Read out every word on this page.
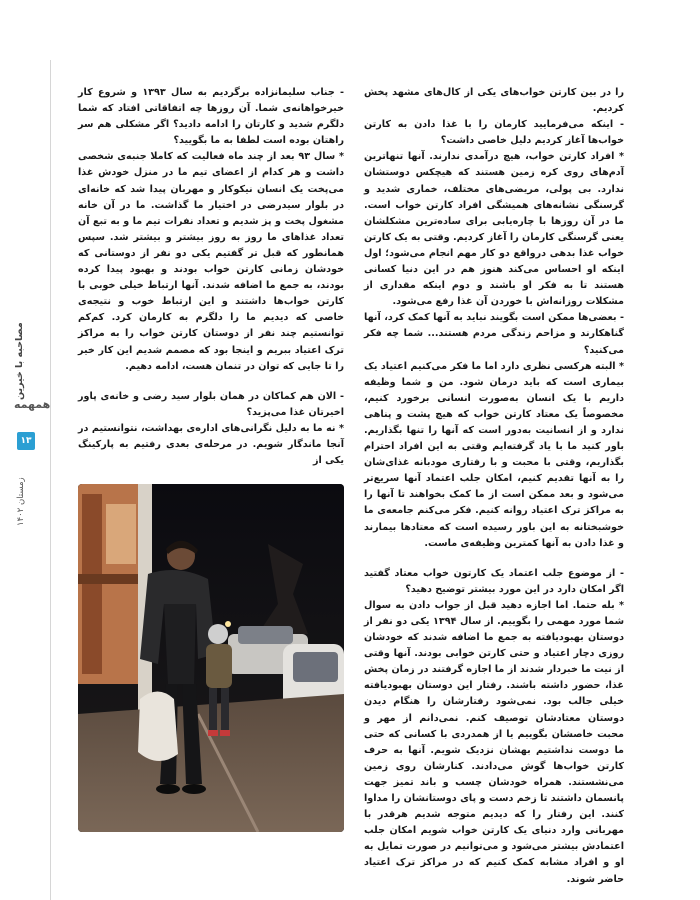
مصاحبه با خیرین
همهمه
۱۳
زمستان ۱۴۰۲

را در بین کارتن خواب‌های یکی از کال‌های مشهد پخش کردیم.

- اینکه می‌فرمایید کارمان را با غذا دادن به کارتن خواب‌ها آغاز کردیم دلیل خاصی داشت؟

* افراد کارتن خواب، هیچ درآمدی ندارند. آنها تنهاترین آدم‌های روی کره زمین هستند که هیچکس دوستشان ندارد. بی پولی، مریضی‌های مختلف، خماری شدید و گرسنگی نشانه‌های همیشگی افراد کارتن خواب است. ما در آن روزها با چاره‌یابی برای ساده‌ترین مشکلشان یعنی گرسنگی کارمان را آغاز کردیم. وقتی به یک کارتن خواب غذا بدهی درواقع دو کار مهم انجام می‌شود؛ اول اینکه او احساس می‌کند هنوز هم در این دنیا کسانی هستند تا به فکر او باشند و دوم اینکه مقداری از مشکلات روزانه‌اش با خوردن آن غذا رفع می‌شود.

- بعضی‌ها ممکن است بگویند نباید به آنها کمک کرد، آنها گناهکارند و مزاحم زندگی مردم هستند... شما چه فکر می‌کنید؟

* البته هرکسی نظری دارد اما ما فکر می‌کنیم اعتیاد یک بیماری است که باید درمان شود. من و شما وظیفه داریم با یک انسان به‌صورت انسانی برخورد کنیم، مخصوصاً یک معتاد کارتن خواب که هیچ پشت و پناهی ندارد و از انسانیت به‌دور است که آنها را تنها بگذاریم. باور کنید ما با یاد گرفته‌ایم وقتی به این افراد احترام بگذاریم، وقتی با محبت و با رفتاری مودبانه غذای‌شان را به آنها تقدیم کنیم، امکان جلب اعتماد آنها سریع‌تر می‌شود و بعد ممکن است از ما کمک بخواهند تا آنها را به مراکز ترک اعتیاد روانه کنیم. فکر می‌کنم جامعه‌ی ما خوشبختانه به این باور رسیده است که معتادها بیمارند و غذا دادن به آنها کمترین وظیفه‌ی ماست.

- از موضوع جلب اعتماد یک کارتون خواب معتاد گفتید اگر امکان دارد در این مورد بیشتر توضیح دهید؟

* بله حتما. اما اجازه دهید قبل از جواب دادن به سوال شما مورد مهمی را بگوییم. از سال ۱۳۹۴ یکی دو نفر از دوستان بهبودیافته به جمع ما اضافه شدند که خودشان روزی دچار اعتیاد و حتی کارتن خوابی بودند. آنها وقتی از نیت ما خبردار شدند از ما اجازه گرفتند در زمان پخش غذا، حضور داشته باشند. رفتار این دوستان بهبودیافته خیلی جالب بود. نمی‌شود رفتارشان را هنگام دیدن دوستان معتادشان توصیف کنم. نمی‌دانم از مهر و محبت خاصشان بگوییم یا از همدردی با کسانی که حتی ما دوست نداشتیم بهشان نزدیک شویم. آنها به حرف کارتن خواب‌ها گوش می‌دادند. کنارشان روی زمین می‌نشستند. همراه خودشان چسب و باند تمیز جهت پانسمان داشتند تا زخم دست و پای دوستانشان را مداوا کنند. این رفتار را که دیدیم متوجه شدیم هرقدر با مهربانی وارد دنیای یک کارتن خواب شویم امکان جلب اعتمادش بیشتر می‌شود و می‌توانیم در صورت تمایل به او و افراد مشابه کمک کنیم که در مراکز ترک اعتیاد حاضر شوند.

- جناب سلیمانزاده برگردیم به سال ۱۳۹۳ و شروع کار خیرخواهانه‌ی شما. آن روزها چه اتفاقاتی افتاد که شما دلگرم شدید و کارتان را ادامه دادید؟ اگر مشکلی هم سر راهتان بوده است لطفا به ما بگویید؟

* سال ۹۳ بعد از چند ماه فعالیت که کاملا جنبه‌ی شخصی داشت و هر کدام از اعضای تیم ما در منزل خودش غذا می‌پخت یک انسان نیکوکار و مهربان پیدا شد که خانه‌ای در بلوار سیدرضی در اختیار ما گذاشت. ما در آن خانه مشغول پخت و پز شدیم و تعداد نفرات تیم ما و به تبع آن تعداد غذاهای ما روز به روز بیشتر و بیشتر شد. سپس همانطور که قبل تر گفتیم یکی دو نفر از دوستانی که خودشان زمانی کارتن خواب بودند و بهبود پیدا کرده بودند، به جمع ما اضافه شدند. آنها ارتباط خیلی خوبی با کارتن خواب‌ها داشتند و این ارتباط خوب و نتیجه‌ی خاصی که دیدیم ما را دلگرم به کارمان کرد. کم‌کم توانستیم چند نفر از دوستان کارتن خواب را به مراکز ترک اعتیاد ببریم و اینجا بود که مصمم شدیم این کار خیر را تا جایی که توان در تنمان هست، ادامه دهیم.

- الان هم کماکان در همان بلوار سید رضی و خانه‌ی پاور اخیرتان غذا می‌پزید؟

* نه ما به دلیل نگرانی‌های اداره‌ی بهداشت، نتوانستیم در آنجا ماندگار شویم. در مرحله‌ی بعدی رفتیم به پارکینگ یکی از
